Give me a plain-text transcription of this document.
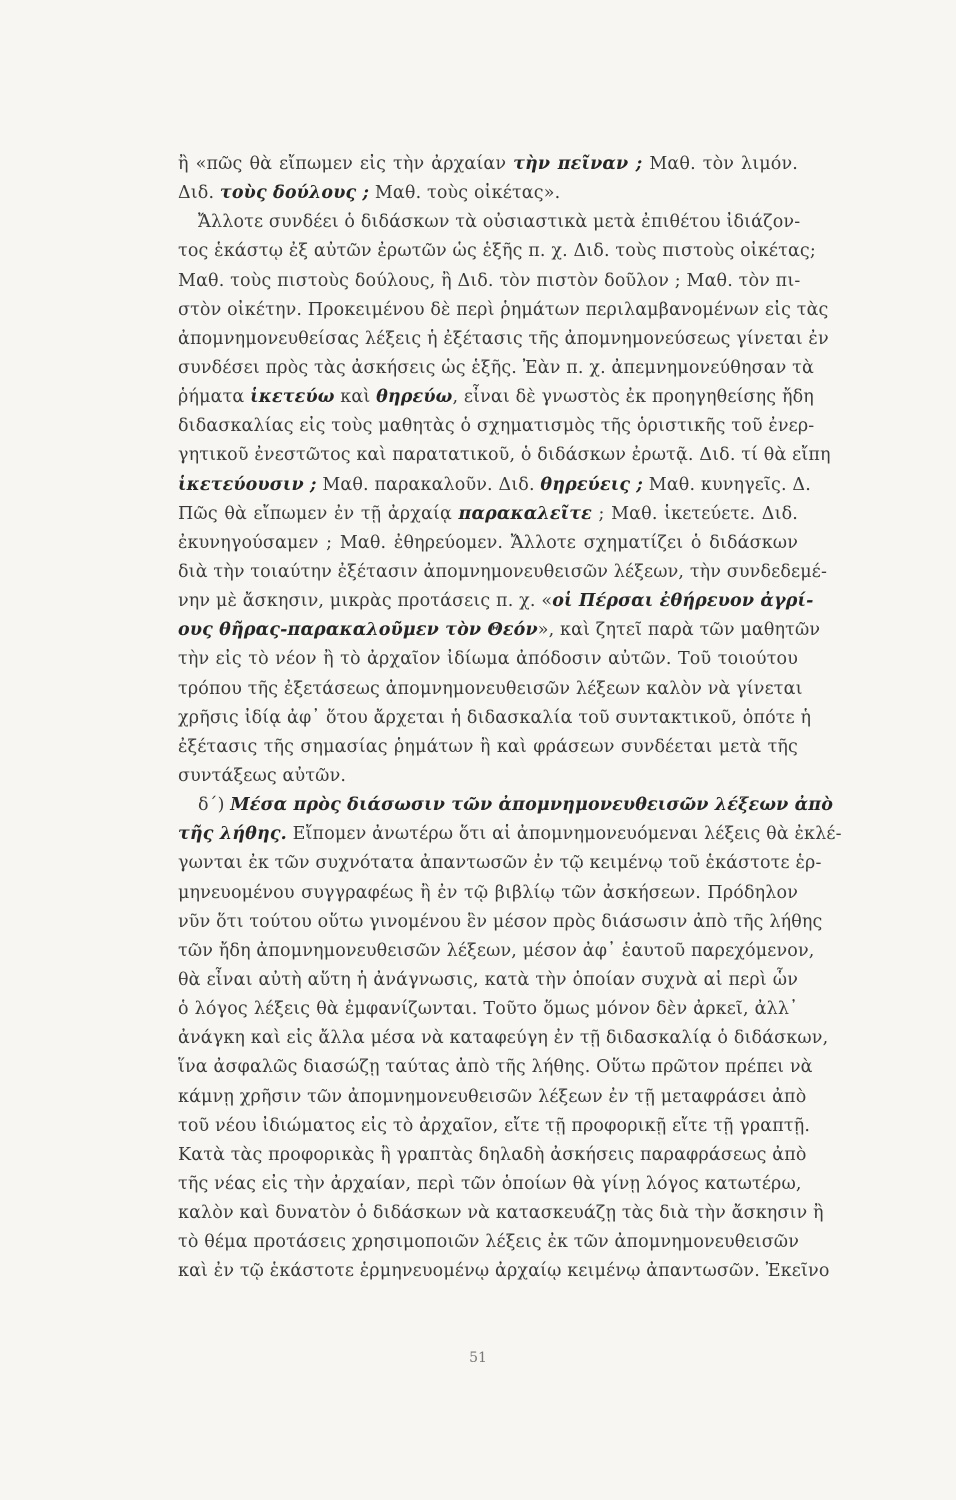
ἢ «πῶς θὰ εἴπωμεν εἰς τὴν ἀρχαίαν τὴν πεῖναν ; Μαθ. τὸν λιμόν.
Διδ. τοὺς δούλους ; Μαθ. τοὺς οἰκέτας».
Ἄλλοτε συνδέει ὁ διδάσκων τὰ οὐσιαστικὰ μετὰ ἐπιθέτου ἰδιάζον-
τος ἑκάστῳ ἐξ αὐτῶν ἐρωτῶν ὡς ἑξῆς π. χ. Διδ. τοὺς πιστοὺς οἰκέτας;
Μαθ. τοὺς πιστοὺς δούλους, ἢ Διδ. τὸν πιστὸν δοῦλον ; Μαθ. τὸν πι-
στὸν οἰκέτην. Προκειμένου δὲ περὶ ῥημάτων περιλαμβανομένων εἰς τὰς
ἀπομνημονευθείσας λέξεις ἡ ἐξέτασις τῆς ἀπομνημονεύσεως γίνεται ἐν
συνδέσει πρὸς τὰς ἀσκήσεις ὡς ἑξῆς. Ἐὰν π. χ. ἀπεμνημονεύθησαν τὰ
ῥήματα ἱκετεύω καὶ θηρεύω, εἶναι δὲ γνωστὸς ἐκ προηγηθείσης ἤδη
διδασκαλίας εἰς τοὺς μαθητὰς ὁ σχηματισμὸς τῆς ὁριστικῆς τοῦ ἐνερ-
γητικοῦ ἐνεστῶτος καὶ παρατατικοῦ, ὁ διδάσκων ἐρωτᾷ. Διδ. τί θὰ εἴπη
ἱκετεύουσιν ; Μαθ. παρακαλοῦν. Διδ. θηρεύεις ; Μαθ. κυνηγεῖς. Δ.
Πῶς θὰ εἴπωμεν ἐν τῇ ἀρχαίᾳ παρακαλεῖτε ; Μαθ. ἱκετεύετε. Διδ.
ἐκυνηγούσαμεν ; Μαθ. ἐθηρεύομεν. Ἄλλοτε σχηματίζει ὁ διδάσκων
διὰ τὴν τοιαύτην ἐξέτασιν ἀπομνημονευθεισῶν λέξεων, τὴν συνδεδεμέ-
νην μὲ ἄσκησιν, μικρὰς προτάσεις π. χ. «οἱ Πέρσαι ἐθήρευον ἀγρί-
ους θῆρας-παρακαλοῦμεν τὸν Θεόν», καὶ ζητεῖ παρὰ τῶν μαθητῶν
τὴν εἰς τὸ νέον ἢ τὸ ἀρχαῖον ἰδίωμα ἀπόδοσιν αὐτῶν. Τοῦ τοιούτου
τρόπου τῆς ἐξετάσεως ἀπομνημονευθεισῶν λέξεων καλὸν νὰ γίνεται
χρῆσις ἰδίᾳ ἀφ᾿ ὅτου ἄρχεται ἡ διδασκαλία τοῦ συντακτικοῦ, ὁπότε ἡ
ἐξέτασις τῆς σημασίας ῥημάτων ἢ καὶ φράσεων συνδέεται μετὰ τῆς
συντάξεως αὐτῶν.
δ΄) Μέσα πρὸς διάσωσιν τῶν ἀπομνημονευθεισῶν λέξεων ἀπὸ
τῆς λήθης. Εἴπομεν ἀνωτέρω ὅτι αἱ ἀπομνημονευόμεναι λέξεις θὰ ἐκλέ-
γωνται ἐκ τῶν συχνότατα ἀπαντωσῶν ἐν τῷ κειμένῳ τοῦ ἑκάστοτε ἑρ-
μηνευομένου συγγραφέως ἢ ἐν τῷ βιβλίῳ τῶν ἀσκήσεων. Πρόδηλον
νῦν ὅτι τούτου οὕτω γινομένου ἓν μέσον πρὸς διάσωσιν ἀπὸ τῆς λήθης
τῶν ἤδη ἀπομνημονευθεισῶν λέξεων, μέσον ἀφ᾿ ἑαυτοῦ παρεχόμενον,
θὰ εἶναι αὐτὴ αὕτη ἡ ἀνάγνωσις, κατὰ τὴν ὁποίαν συχνὰ αἱ περὶ ὧν
ὁ λόγος λέξεις θὰ ἐμφανίζωνται. Τοῦτο ὅμως μόνον δὲν ἀρκεῖ, ἀλλ᾿
ἀνάγκη καὶ εἰς ἄλλα μέσα νὰ καταφεύγη ἐν τῇ διδασκαλίᾳ ὁ διδάσκων,
ἵνα ἀσφαλῶς διασώζῃ ταύτας ἀπὸ τῆς λήθης. Οὕτω πρῶτον πρέπει νὰ
κάμνῃ χρῆσιν τῶν ἀπομνημονευθεισῶν λέξεων ἐν τῇ μεταφράσει ἀπὸ
τοῦ νέου ἰδιώματος εἰς τὸ ἀρχαῖον, εἴτε τῇ προφορικῇ εἴτε τῇ γραπτῇ.
Κατὰ τὰς προφορικὰς ἢ γραπτὰς δηλαδὴ ἀσκήσεις παραφράσεως ἀπὸ
τῆς νέας εἰς τὴν ἀρχαίαν, περὶ τῶν ὁποίων θὰ γίνῃ λόγος κατωτέρω,
καλὸν καὶ δυνατὸν ὁ διδάσκων νὰ κατασκευάζῃ τὰς διὰ τὴν ἄσκησιν ἢ
τὸ θέμα προτάσεις χρησιμοποιῶν λέξεις ἐκ τῶν ἀπομνημονευθεισῶν
καὶ ἐν τῷ ἑκάστοτε ἑρμηνευομένῳ ἀρχαίῳ κειμένῳ ἀπαντωσῶν. Ἐκεῖνο
51
